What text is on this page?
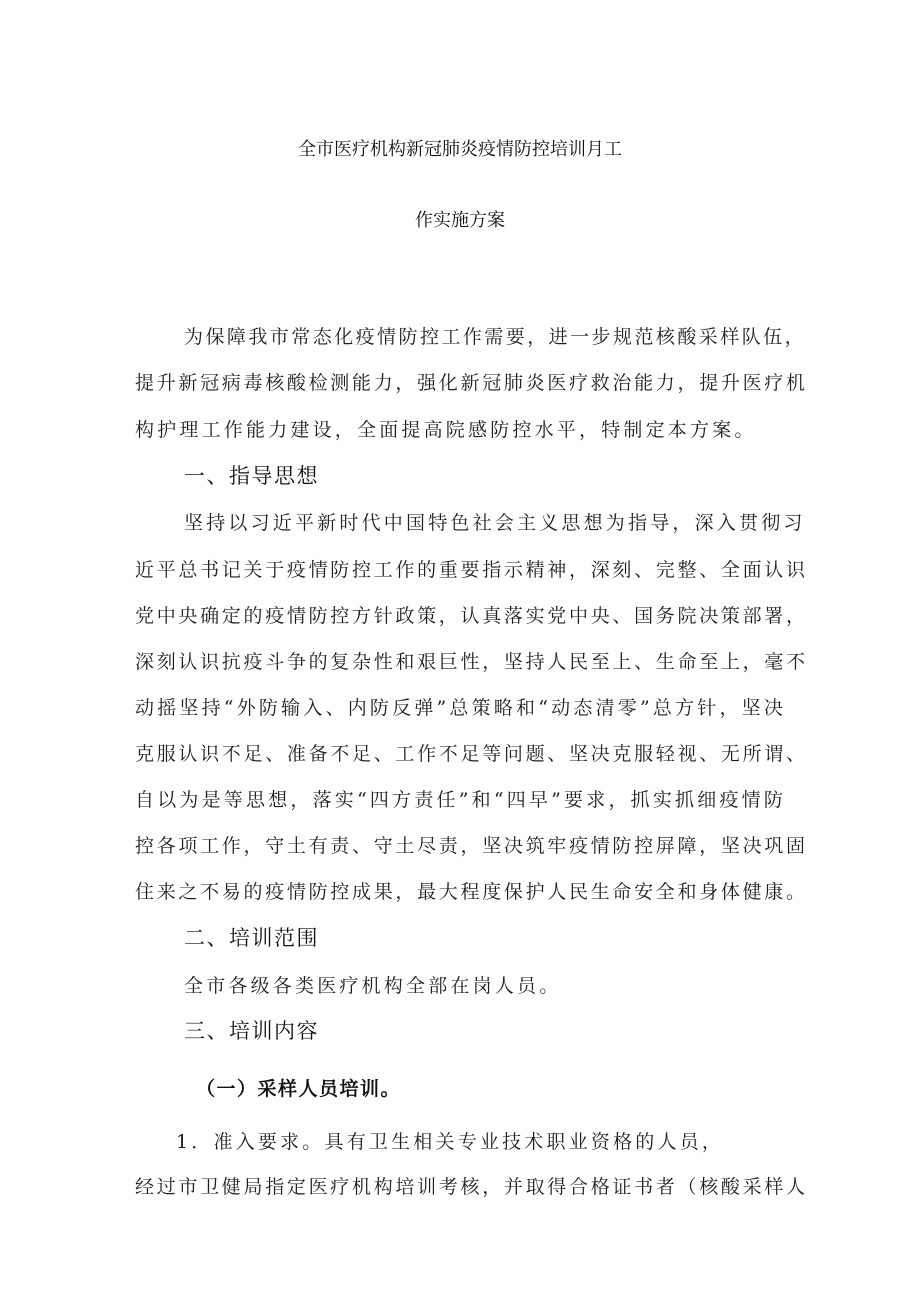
全市医疗机构新冠肺炎疫情防控培训月工
作实施方案
为保障我市常态化疫情防控工作需要，进一步规范核酸采样队伍，
提升新冠病毒核酸检测能力，强化新冠肺炎医疗救治能力，提升医疗机
构护理工作能力建设，全面提高院感防控水平，特制定本方案。
一、指导思想
坚持以习近平新时代中国特色社会主义思想为指导，深入贯彻习
近平总书记关于疫情防控工作的重要指示精神，深刻、完整、全面认识
党中央确定的疫情防控方针政策，认真落实党中央、国务院决策部署，
深刻认识抗疫斗争的复杂性和艰巨性，坚持人民至上、生命至上，毫不
动摇坚持“外防输入、内防反弹”总策略和“动态清零”总方针，坚决
克服认识不足、准备不足、工作不足等问题、坚决克服轻视、无所谓、
自以为是等思想，落实“四方责任”和“四早”要求，抓实抓细疫情防
控各项工作，守土有责、守土尽责，坚决筑牢疫情防控屏障，坚决巩固
住来之不易的疫情防控成果，最大程度保护人民生命安全和身体健康。
二、培训范围
全市各级各类医疗机构全部在岗人员。
三、培训内容
（一）采样人员培训。
1．准入要求。具有卫生相关专业技术职业资格的人员，
经过市卫健局指定医疗机构培训考核，并取得合格证书者（核酸采样人
